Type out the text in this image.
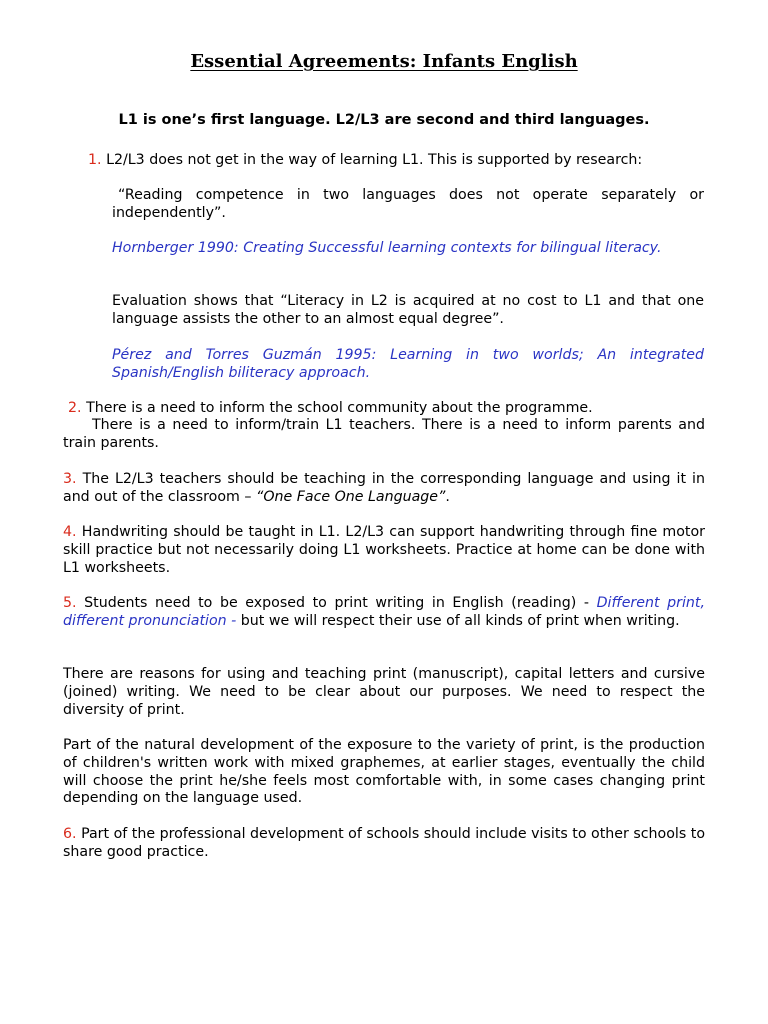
Essential Agreements: Infants English
L1 is one’s first language. L2/L3 are second and third languages.
1. L2/L3 does not get in the way of learning L1. This is supported by research:
“Reading competence in two languages does not operate separately or independently”.
Hornberger 1990: Creating Successful learning contexts for bilingual literacy.
Evaluation shows that “Literacy in L2 is acquired at no cost to L1 and that one language assists the other to an almost equal degree”.
Pérez and Torres Guzmán 1995: Learning in two worlds; An integrated Spanish/English biliteracy approach.
2. There is a need to inform the school community about the programme.
There is a need to inform/train L1 teachers. There is a need to inform parents and train parents.
3. The L2/L3 teachers should be teaching in the corresponding language and using it in and out of the classroom – “One Face One Language”.
4. Handwriting should be taught in L1. L2/L3 can support handwriting through fine motor skill practice but not necessarily doing L1 worksheets. Practice at home can be done with L1 worksheets.
5. Students need to be exposed to print writing in English (reading) - Different print, different pronunciation - but we will respect their use of all kinds of print when writing.
There are reasons for using and teaching print (manuscript), capital letters and cursive (joined) writing. We need to be clear about our purposes. We need to respect the diversity of print.
Part of the natural development of the exposure to the variety of print, is the production of children's written work with mixed graphemes, at earlier stages, eventually the child will choose the print he/she feels most comfortable with, in some cases changing print depending on the language used.
6. Part of the professional development of schools should include visits to other schools to share good practice.
